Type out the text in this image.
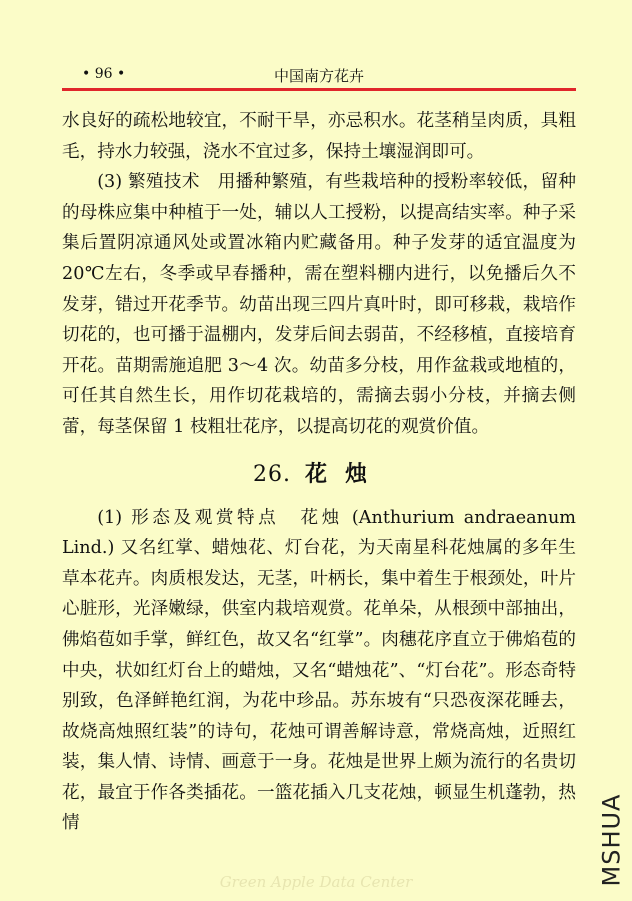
• 96 •	中国南方花卉

水良好的疏松地较宜，不耐干旱，亦忌积水。花茎稍呈肉质，具粗毛，持水力较强，浇水不宜过多，保持土壤湿润即可。

(3) 繁殖技术　用播种繁殖，有些栽培种的授粉率较低，留种的母株应集中种植于一处，辅以人工授粉，以提高结实率。种子采集后置阴凉通风处或置冰箱内贮藏备用。种子发芽的适宜温度为 20℃左右，冬季或早春播种，需在塑料棚内进行，以免播后久不发芽，错过开花季节。幼苗出现三四片真叶时，即可移栽，栽培作切花的，也可播于温棚内，发芽后间去弱苗，不经移植，直接培育开花。苗期需施追肥 3～4 次。幼苗多分枝，用作盆栽或地植的，可任其自然生长，用作切花栽培的，需摘去弱小分枝，并摘去侧蕾，每茎保留 1 枝粗壮花序，以提高切花的观赏价值。

26. 花烛

(1) 形态及观赏特点　花烛 (Anthurium andraeanum Lind.) 又名红掌、蜡烛花、灯台花，为天南星科花烛属的多年生草本花卉。肉质根发达，无茎，叶柄长，集中着生于根颈处，叶片心脏形，光泽嫩绿，供室内栽培观赏。花单朵，从根颈中部抽出，佛焰苞如手掌，鲜红色，故又名“红掌”。肉穗花序直立于佛焰苞的中央，状如红灯台上的蜡烛，又名“蜡烛花”、“灯台花”。形态奇特别致，色泽鲜艳红润，为花中珍品。苏东坡有“只恐夜深花睡去，故烧高烛照红装”的诗句，花烛可谓善解诗意，常烧高烛，近照红装，集人情、诗情、画意于一身。花烛是世界上颇为流行的名贵切花，最宜于作各类插花。一篮花插入几支花烛，顿显生机蓬勃，热情

Green Apple Data Center	MSHUA
